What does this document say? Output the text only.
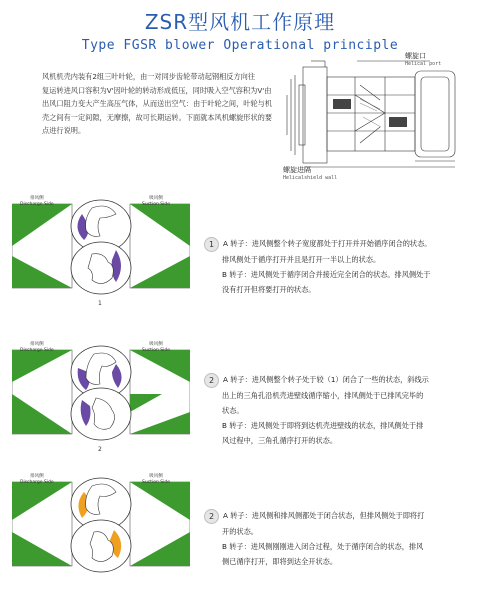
ZSR型风机工作原理
Type FGSR blower Operational principle
风机机壳内装有2组三叶叶轮，由一对同步齿轮带动起钢相反方向往
复运转进风口容积为V'因叶轮的转动形成低压，同时吸入空气容积为V'由
出风口阻力变大产生高压气体，从而送出空气：由于叶轮之间，叶轮与机
壳之间有一定间隙，无摩擦，故可长期运转。下面就本风机螺旋形状的要
点进行说明。
螺旋口
Helical port
螺旋进隔
Helicalshield wall
排风侧
Discharge Side
吸风侧
Suction Side
1
排风侧
Discharge Side
吸风侧
Suction Side
2
排风侧
Discharge Side
吸风侧
Suction Side

1 A 转子：进风侧整个转子宽度都处于打开并开始循序闭合的状态。

排风侧处于循序打开并且是打开一半以上的状态。

B 转子：进风侧处于循序闭合并接近完全闭合的状态。排风侧处于

没有打开但将要打开的状态。

2 A 转子：进风侧整个转子处于较（1）闭合了一些的状态，斜线示

出上的三角孔沿机壳进壁线循序缩小，排风侧处于已排风完毕的

状态。

B 转子：进风侧处于即将到达机壳进壁线的状态，排风侧处于排

风过程中，三角孔循序打开的状态。

2 A 转子：进风侧和排风侧都处于闭合状态，但排风侧处于即将打

开的状态。

B 转子：进风侧刚刚进入闭合过程，处于循序闭合的状态，排风

侧已循序打开，即将到达全开状态。
